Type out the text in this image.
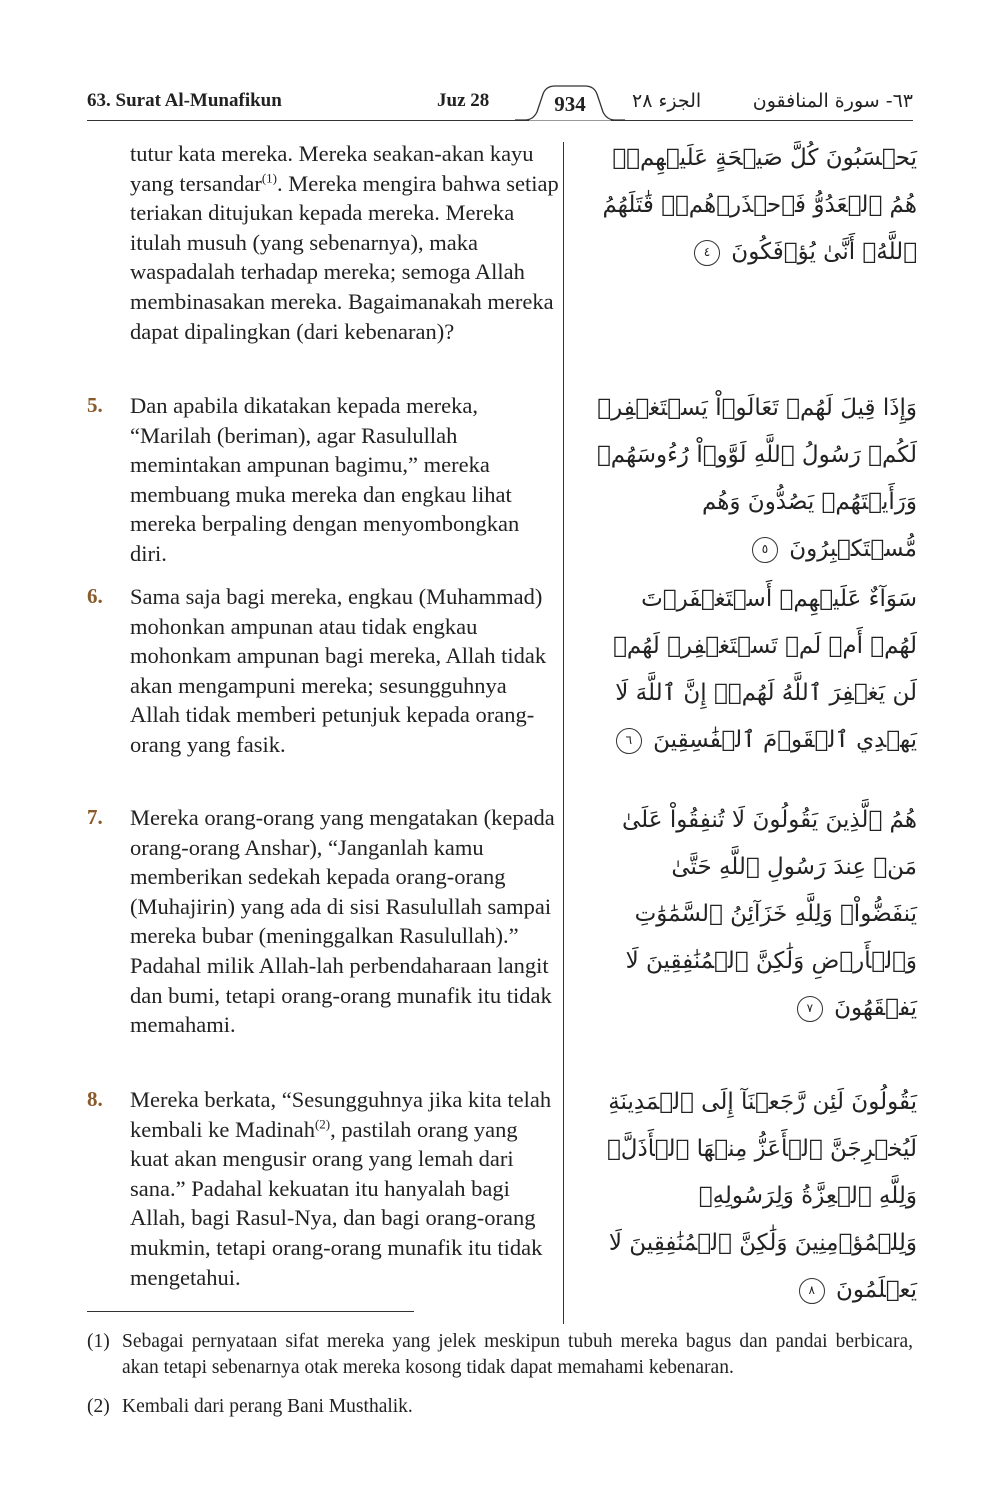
63. Surat Al-Munafikun	Juz 28	934	الجزء ٢٨	٦٣- سورة المنافقون
tutur kata mereka. Mereka seakan-akan kayu yang tersandar$^{(1)}$. Mereka mengira bahwa setiap teriakan ditujukan kepada mereka. Mereka itulah musuh (yang sebenarnya), maka waspadalah terhadap mereka; semoga Allah membinasakan mereka. Bagaimanakah mereka dapat dipalingkan (dari kebenaran)?
يَحۡسَبُونَ كُلَّ صَيۡحَةٍ عَلَيۡهِمۡۚ هُمُ ٱلۡعَدُوُّ فَٱحۡذَرۡهُمۡۚ قَٰتَلَهُمُ ٱللَّهُۖ أَنَّىٰ يُؤۡفَكُونَ ٤
5. Dan apabila dikatakan kepada mereka, “Marilah (beriman), agar Rasulullah memintakan ampunan bagimu,” mereka membuang muka mereka dan engkau lihat mereka berpaling dengan menyombongkan diri.
وَإِذَا قِيلَ لَهُمۡ تَعَالَوۡاْ يَسۡتَغۡفِرۡ لَكُمۡ رَسُولُ ٱللَّهِ لَوَّوۡاْ رُءُوسَهُمۡ وَرَأَيۡتَهُمۡ يَصُدُّونَ وَهُم مُّسۡتَكۡبِرُونَ ٥
6. Sama saja bagi mereka, engkau (Muhammad) mohonkan ampunan atau tidak engkau mohonkam ampunan bagi mereka, Allah tidak akan mengampuni mereka; sesungguhnya Allah tidak memberi petunjuk kepada orang-orang yang fasik.
سَوَآءٌ عَلَيۡهِمۡ أَسۡتَغۡفَرۡتَ لَهُمۡ أَمۡ لَمۡ تَسۡتَغۡفِرۡ لَهُمۡ لَن يَغۡفِرَ ٱللَّهُ لَهُمۡۚ إِنَّ ٱللَّهَ لَا يَهۡدِي ٱلۡقَوۡمَ ٱلۡفَٰسِقِينَ ٦
7. Mereka orang-orang yang mengatakan (kepada orang-orang Anshar), “Janganlah kamu memberikan sedekah kepada orang-orang (Muhajirin) yang ada di sisi Rasulullah sampai mereka bubar (meninggalkan Rasulullah).” Padahal milik Allah-lah perbendaharaan langit dan bumi, tetapi orang-orang munafik itu tidak memahami.
هُمُ ٱلَّذِينَ يَقُولُونَ لَا تُنفِقُواْ عَلَىٰ مَنۡ عِندَ رَسُولِ ٱللَّهِ حَتَّىٰ يَنفَضُّواْۗ وَلِلَّهِ خَزَآئِنُ ٱلسَّمَٰوَٰتِ وَٱلۡأَرۡضِ وَلَٰكِنَّ ٱلۡمُنَٰفِقِينَ لَا يَفۡقَهُونَ ٧
8. Mereka berkata, “Sesungguhnya jika kita telah kembali ke Madinah$^{(2)}$, pastilah orang yang kuat akan mengusir orang yang lemah dari sana.” Padahal kekuatan itu hanyalah bagi Allah, bagi Rasul-Nya, dan bagi orang-orang mukmin, tetapi orang-orang munafik itu tidak mengetahui.
يَقُولُونَ لَئِن رَّجَعۡنَآ إِلَى ٱلۡمَدِينَةِ لَيُخۡرِجَنَّ ٱلۡأَعَزُّ مِنۡهَا ٱلۡأَذَلَّۚ وَلِلَّهِ ٱلۡعِزَّةُ وَلِرَسُولِهِۦ وَلِلۡمُؤۡمِنِينَ وَلَٰكِنَّ ٱلۡمُنَٰفِقِينَ لَا يَعۡلَمُونَ ٨
(1) Sebagai pernyataan sifat mereka yang jelek meskipun tubuh mereka bagus dan pandai berbicara, akan tetapi sebenarnya otak mereka kosong tidak dapat memahami kebenaran.
(2) Kembali dari perang Bani Musthalik.
